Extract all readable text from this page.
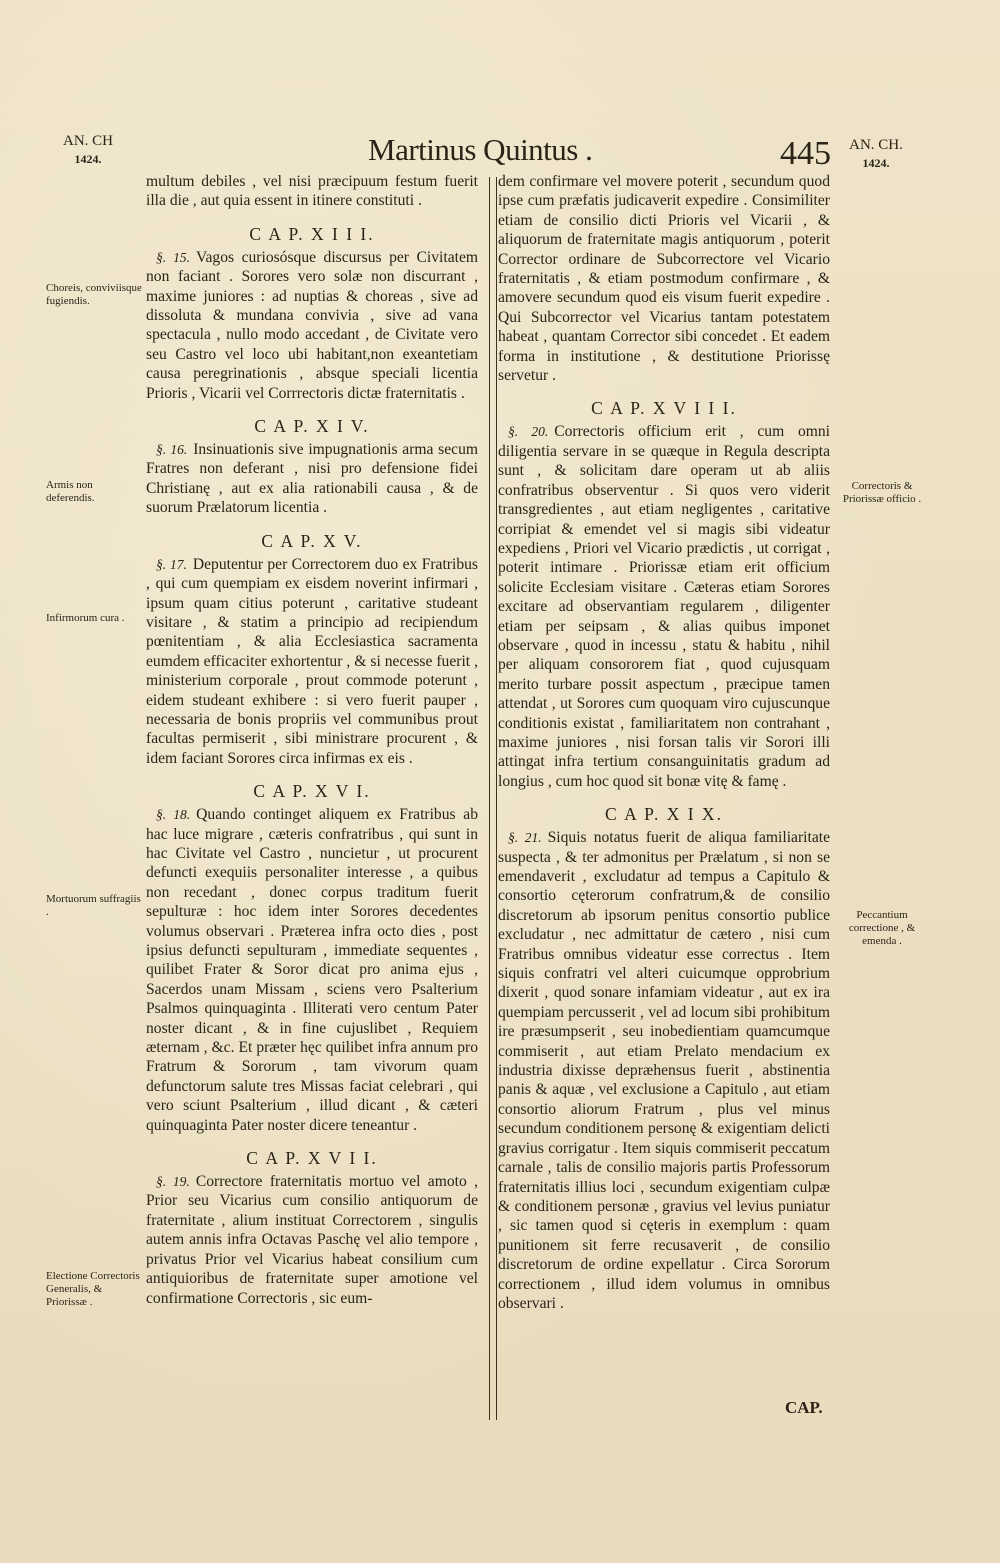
AN. CH
1424.	Martinus Quintus .	445	AN. CH.
1424.
Choreis, conviviisque fugiendis.
Armis non deferendis.
Infirmorum cura .
Mortuorum suffragiis .
Electione Correctoris Generalis, & Priorissæ .
Correctoris & Priorissæ officio .
Peccantium correctione , & emenda .

multum debiles , vel nisi præcipuum festum fuerit illa die , aut quia essent in itinere constituti .

C A P. X I I I.

§. 15. Vagos curiosósque discursus per Civitatem non faciant . Sorores vero solæ non discurrant , maxime juniores : ad nuptias & choreas , sive ad dissoluta & mundana convivia , sive ad vana spectacula , nullo modo accedant , de Civitate vero seu Castro vel loco ubi habitant,non exeantetiam causa peregrinationis , absque speciali licentia Prioris , Vicarii vel Corrrectoris dictæ fraternitatis .

C A P. X I V.

§. 16. Insinuationis sive impugnationis arma secum Fratres non deferant , nisi pro defensione fidei Christianę , aut ex alia rationabili causa , & de suorum Prælatorum licentia .

C A P. X V.

§. 17. Deputentur per Correctorem duo ex Fratribus , qui cum quempiam ex eisdem noverint infirmari , ipsum quam citius poterunt , caritative studeant visitare , & statim a principio ad recipiendum pœnitentiam , & alia Ecclesiastica sacramenta eumdem efficaciter exhortentur , & si necesse fuerit , ministerium corporale , prout commode poterunt , eidem studeant exhibere : si vero fuerit pauper , necessaria de bonis propriis vel communibus prout facultas permiserit , sibi ministrare procurent , & idem faciant Sorores circa infirmas ex eis .

C A P. X V I.

§. 18. Quando continget aliquem ex Fratribus ab hac luce migrare , cæteris confratribus , qui sunt in hac Civitate vel Castro , nuncietur , ut procurent defuncti exequiis personaliter interesse , a quibus non recedant , donec corpus traditum fuerit sepulturæ : hoc idem inter Sorores decedentes volumus observari . Præterea infra octo dies , post ipsius defuncti sepulturam , immediate sequentes , quilibet Frater & Soror dicat pro anima ejus , Sacerdos unam Missam , sciens vero Psalterium Psalmos quinquaginta . Illiterati vero centum Pater noster dicant , & in fine cujuslibet , Requiem æternam , &c. Et præter hęc quilibet infra annum pro Fratrum & Sororum , tam vivorum quam defunctorum salute tres Missas faciat celebrari , qui vero sciunt Psalterium , illud dicant , & cæteri quinquaginta Pater noster dicere teneantur .

C A P. X V I I.

§. 19. Correctore fraternitatis mortuo vel amoto , Prior seu Vicarius cum consilio antiquorum de fraternitate , alium instituat Correctorem , singulis autem annis infra Octavas Paschę vel alio tempore , privatus Prior vel Vicarius habeat consilium cum antiquioribus de fraternitate super amotione vel confirmatione Correctoris , sic eum-

dem confirmare vel movere poterit , secundum quod ipse cum præfatis judicaverit expedire . Consimiliter etiam de consilio dicti Prioris vel Vicarii , & aliquorum de fraternitate magis antiquorum , poterit Corrector ordinare de Subcorrectore vel Vicario fraternitatis , & etiam postmodum confirmare , & amovere secundum quod eis visum fuerit expedire . Qui Subcorrector vel Vicarius tantam potestatem habeat , quantam Corrector sibi concedet . Et eadem forma in institutione , & destitutione Priorissę servetur .

C A P. X V I I I.

§. 20. Correctoris officium erit , cum omni diligentia servare in se quæque in Regula descripta sunt , & solicitam dare operam ut ab aliis confratribus observentur . Si quos vero viderit transgredientes , aut etiam negligentes , caritative corripiat & emendet vel si magis sibi videatur expediens , Priori vel Vicario prædictis , ut corrigat , poterit intimare . Priorissæ etiam erit officium solicite Ecclesiam visitare . Cæteras etiam Sorores excitare ad observantiam regularem , diligenter etiam per seipsam , & alias quibus imponet observare , quod in incessu , statu & habitu , nihil per aliquam consororem fiat , quod cujusquam merito turbare possit aspectum , præcipue tamen attendat , ut Sorores cum quoquam viro cujuscunque conditionis existat , familiaritatem non contrahant , maxime juniores , nisi forsan talis vir Sorori illi attingat infra tertium consanguinitatis gradum ad longius , cum hoc quod sit bonæ vitę & famę .

C A P. X I X.

§. 21. Siquis notatus fuerit de aliqua familiaritate suspecta , & ter admonitus per Prælatum , si non se emendaverit , excludatur ad tempus a Capitulo & consortio cęterorum confratrum,& de consilio discretorum ab ipsorum penitus consortio publice excludatur , nec admittatur de cætero , nisi cum Fratribus omnibus videatur esse correctus . Item siquis confratri vel alteri cuicumque opprobrium dixerit , quod sonare infamiam videatur , aut ex ira quempiam percusserit , vel ad locum sibi prohibitum ire præsumpserit , seu inobedientiam quamcumque commiserit , aut etiam Prelato mendacium ex industria dixisse depræhensus fuerit , abstinentia panis & aquæ , vel exclusione a Capitulo , aut etiam consortio aliorum Fratrum , plus vel minus secundum conditionem personę & exigentiam delicti gravius corrigatur . Item siquis commiserit peccatum carnale , talis de consilio majoris partis Professorum fraternitatis illius loci , secundum exigentiam culpæ & conditionem personæ , gravius vel levius puniatur , sic tamen quod si cęteris in exemplum : quam punitionem sit ferre recusaverit , de consilio discretorum de ordine expellatur . Circa Sororum correctionem , illud idem volumus in omnibus observari .

CAP.
